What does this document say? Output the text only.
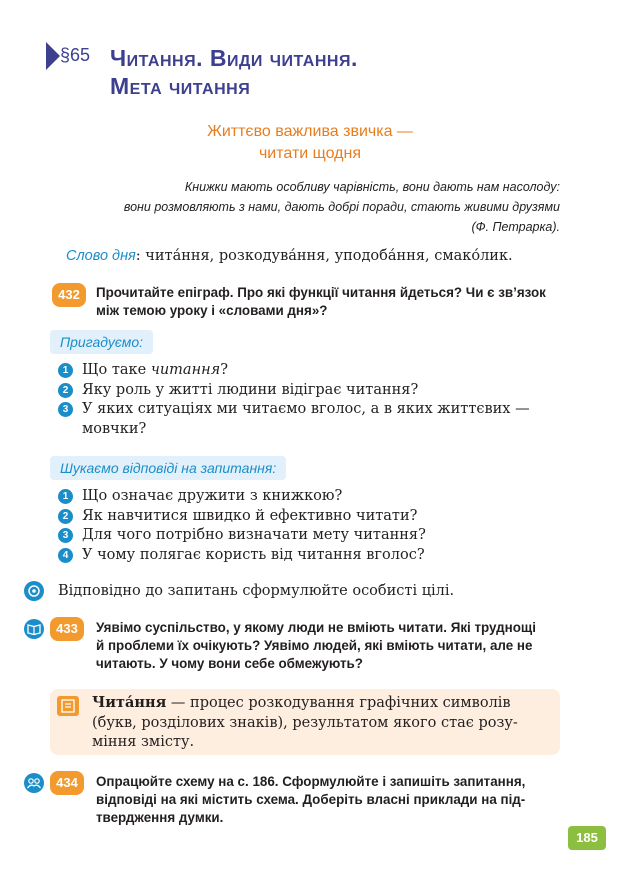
§65 Читання. Види читання.
Мета читання
Життєво важлива звичка —
читати щодня
Книжки мають особливу чарівність, вони дають нам насолоду:
вони розмовляють з нами, дають добрі поради, стають живими друзями
(Ф. Петрарка).
Слово дня: чита́ння, розкодува́ння, уподоба́ння, смако́лик.
432	Прочитайте епіграф. Про які функції читання йдеться? Чи є зв’язок
між темою уроку і «словами дня»?
Пригадуємо:
1 Що таке читання?
2 Яку роль у житті людини відіграє читання?
3 У яких ситуаціях ми читаємо вголос, а в яких життєвих —
мовчки?
Шукаємо відповіді на запитання:
1 Що означає дружити з книжкою?
2 Як навчитися швидко й ефективно читати?
3 Для чого потрібно визначати мету читання?
4 У чому полягає користь від читання вголос?
Відповідно до запитань сформулюйте особисті цілі.
433	Уявімо суспільство, у якому люди не вміють читати. Які труднощі
й проблеми їх очікують? Уявімо людей, які вміють читати, але не
читають. У чому вони себе обмежують?
Чита́ння — процес розкодування графічних символів
(букв, розділових знаків), результатом якого стає розу-
міння змісту.
434	Опрацюйте схему на с. 186. Сформулюйте і запишіть запитання,
відповіді на які містить схема. Доберіть власні приклади на під-
твердження думки.
185
